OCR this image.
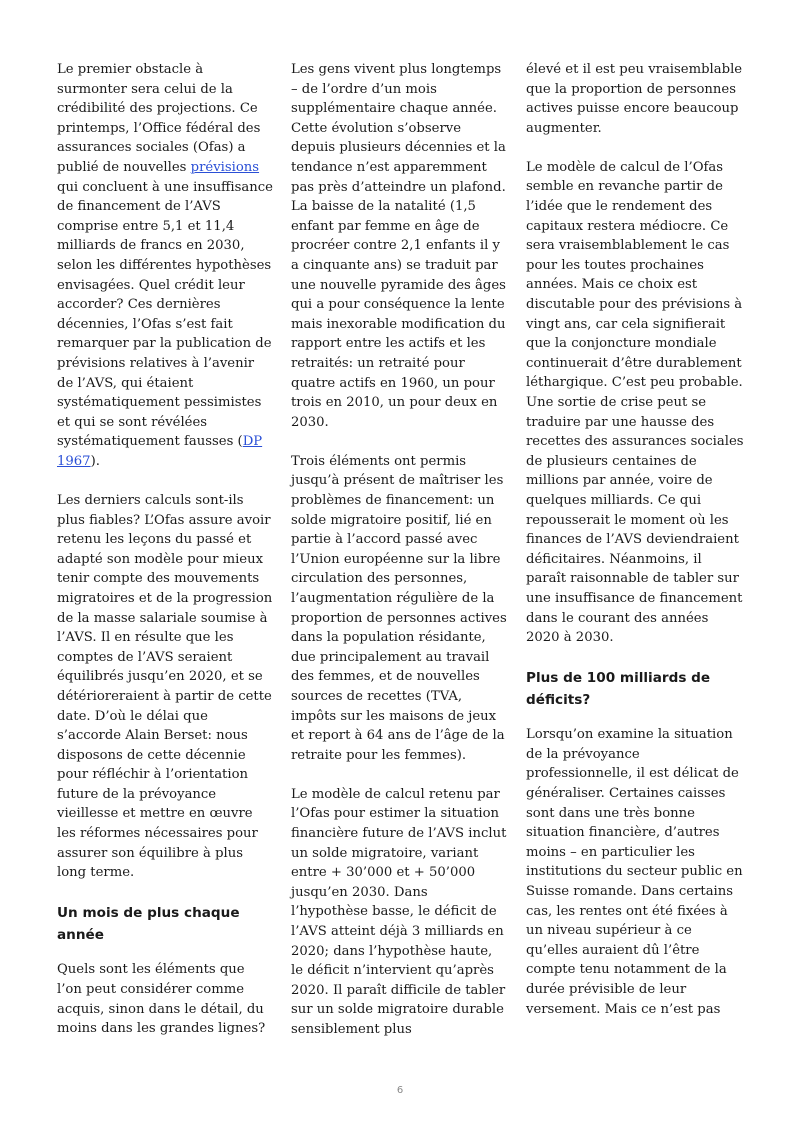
Le premier obstacle à surmonter sera celui de la crédibilité des projections. Ce printemps, l’Office fédéral des assurances sociales (Ofas) a publié de nouvelles prévisions qui concluent à une insuffisance de financement de l’AVS comprise entre 5,1 et 11,4 milliards de francs en 2030, selon les différentes hypothèses envisagées. Quel crédit leur accorder? Ces dernières décennies, l’Ofas s’est fait remarquer par la publication de prévisions relatives à l’avenir de l’AVS, qui étaient systématiquement pessimistes et qui se sont révélées systématiquement fausses (DP 1967).

Les derniers calculs sont-ils plus fiables? L’Ofas assure avoir retenu les leçons du passé et adapté son modèle pour mieux tenir compte des mouvements migratoires et de la progression de la masse salariale soumise à l’AVS. Il en résulte que les comptes de l’AVS seraient équilibrés jusqu’en 2020, et se détérioreraient à partir de cette date. D’où le délai que s’accorde Alain Berset: nous disposons de cette décennie pour réfléchir à l’orientation future de la prévoyance vieillesse et mettre en œuvre les réformes nécessaires pour assurer son équilibre à plus long terme.

Un mois de plus chaque année

Quels sont les éléments que l’on peut considérer comme acquis, sinon dans le détail, du moins dans les grandes lignes?

Les gens vivent plus longtemps – de l’ordre d’un mois supplémentaire chaque année. Cette évolution s’observe depuis plusieurs décennies et la tendance n’est apparemment pas près d’atteindre un plafond. La baisse de la natalité (1,5 enfant par femme en âge de procréer contre 2,1 enfants il y a cinquante ans) se traduit par une nouvelle pyramide des âges qui a pour conséquence la lente mais inexorable modification du rapport entre les actifs et les retraités: un retraité pour quatre actifs en 1960, un pour trois en 2010, un pour deux en 2030.

Trois éléments ont permis jusqu’à présent de maîtriser les problèmes de financement: un solde migratoire positif, lié en partie à l’accord passé avec l’Union européenne sur la libre circulation des personnes, l’augmentation régulière de la proportion de personnes actives dans la population résidante, due principalement au travail des femmes, et de nouvelles sources de recettes (TVA, impôts sur les maisons de jeux et report à 64 ans de l’âge de la retraite pour les femmes).

Le modèle de calcul retenu par l’Ofas pour estimer la situation financière future de l’AVS inclut un solde migratoire, variant entre + 30’000 et + 50’000 jusqu’en 2030. Dans l’hypothèse basse, le déficit de l’AVS atteint déjà 3 milliards en 2020; dans l’hypothèse haute, le déficit n’intervient qu’après 2020. Il paraît difficile de tabler sur un solde migratoire durable sensiblement plus

élevé et il est peu vraisemblable que la proportion de personnes actives puisse encore beaucoup augmenter.

Le modèle de calcul de l’Ofas semble en revanche partir de l’idée que le rendement des capitaux restera médiocre. Ce sera vraisemblablement le cas pour les toutes prochaines années. Mais ce choix est discutable pour des prévisions à vingt ans, car cela signifierait que la conjoncture mondiale continuerait d’être durablement léthargique. C’est peu probable. Une sortie de crise peut se traduire par une hausse des recettes des assurances sociales de plusieurs centaines de millions par année, voire de quelques milliards. Ce qui repousserait le moment où les finances de l’AVS deviendraient déficitaires. Néanmoins, il paraît raisonnable de tabler sur une insuffisance de financement dans le courant des années 2020 à 2030.

Plus de 100 milliards de déficits?

Lorsqu’on examine la situation de la prévoyance professionnelle, il est délicat de généraliser. Certaines caisses sont dans une très bonne situation financière, d’autres moins – en particulier les institutions du secteur public en Suisse romande. Dans certains cas, les rentes ont été fixées à un niveau supérieur à ce qu’elles auraient dû l’être compte tenu notamment de la durée prévisible de leur versement. Mais ce n’est pas

6
